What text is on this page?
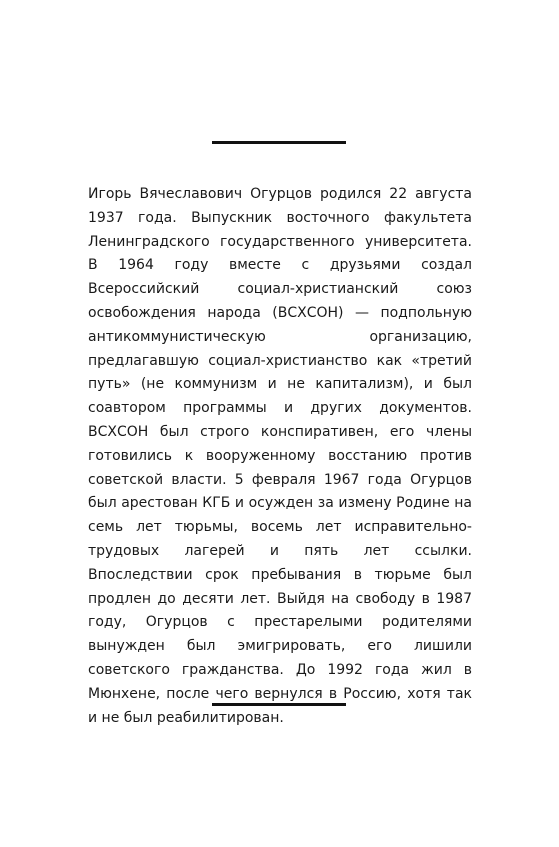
Игорь Вячеславович Огурцов родился 22 августа 1937 года. Выпускник восточного факультета Ленинградского государственного университета. В 1964 году вместе с друзьями создал Всероссийский социал-христианский союз освобождения народа (ВСХСОН) — подпольную антикоммунистическую организацию, предлагавшую социал-христианство как «третий путь» (не коммунизм и не капитализм), и был соавтором программы и других документов. ВСХСОН был строго конспиративен, его члены готовились к вооруженному восстанию против советской власти. 5 февраля 1967 года Огурцов был арестован КГБ и осужден за измену Родине на семь лет тюрьмы, восемь лет исправительно-трудовых лагерей и пять лет ссылки. Впоследствии срок пребывания в тюрьме был продлен до десяти лет. Выйдя на свободу в 1987 году, Огурцов с престарелыми родителями вынужден был эмигрировать, его лишили советского гражданства. До 1992 года жил в Мюнхене, после чего вернулся в Россию, хотя так и не был реабилитирован.
